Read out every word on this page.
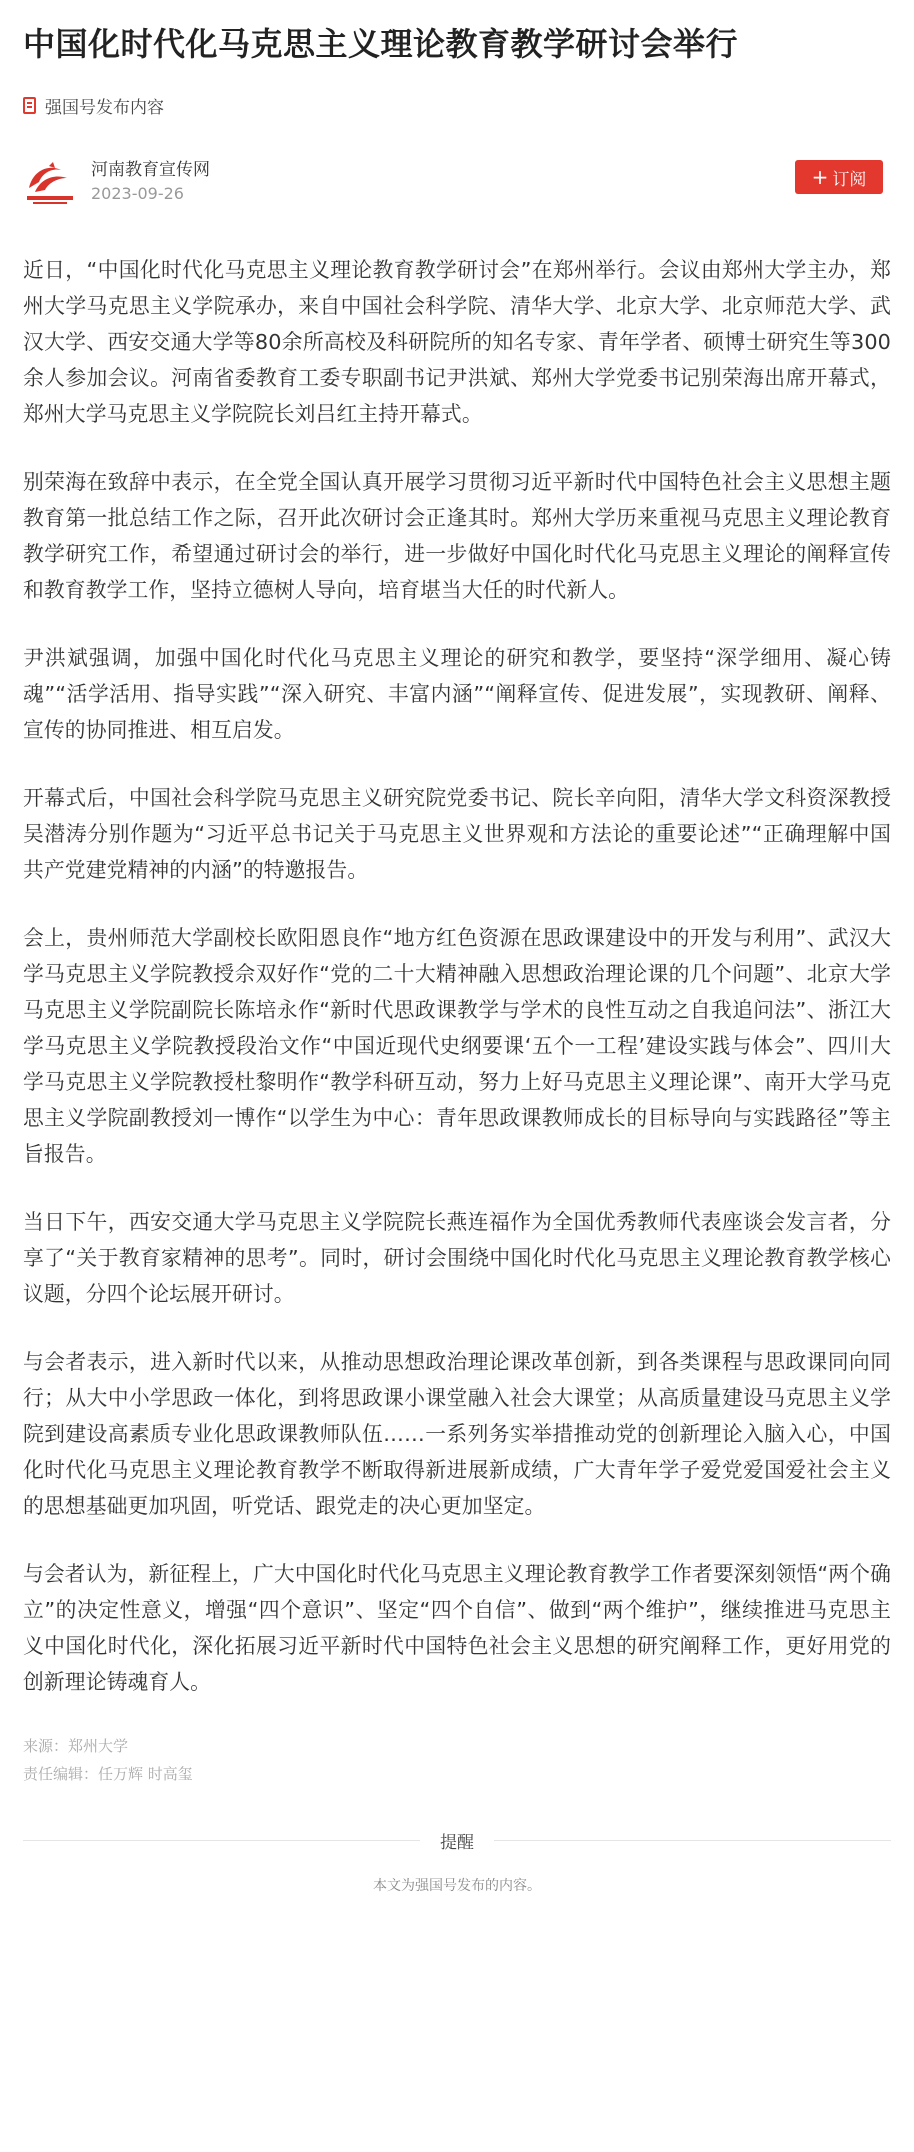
中国化时代化马克思主义理论教育教学研讨会举行
强国号发布内容
河南教育宣传网
2023-09-26
+ 订阅

近日，“中国化时代化马克思主义理论教育教学研讨会”在郑州举行。会议由郑州大学主办，郑州大学马克思主义学院承办，来自中国社会科学院、清华大学、北京大学、北京师范大学、武汉大学、西安交通大学等80余所高校及科研院所的知名专家、青年学者、硕博士研究生等300余人参加会议。河南省委教育工委专职副书记尹洪斌、郑州大学党委书记别荣海出席开幕式，郑州大学马克思主义学院院长刘吕红主持开幕式。

别荣海在致辞中表示，在全党全国认真开展学习贯彻习近平新时代中国特色社会主义思想主题教育第一批总结工作之际，召开此次研讨会正逢其时。郑州大学历来重视马克思主义理论教育教学研究工作，希望通过研讨会的举行，进一步做好中国化时代化马克思主义理论的阐释宣传和教育教学工作，坚持立德树人导向，培育堪当大任的时代新人。

尹洪斌强调，加强中国化时代化马克思主义理论的研究和教学，要坚持“深学细用、凝心铸魂”“活学活用、指导实践”“深入研究、丰富内涵”“阐释宣传、促进发展”，实现教研、阐释、宣传的协同推进、相互启发。

开幕式后，中国社会科学院马克思主义研究院党委书记、院长辛向阳，清华大学文科资深教授吴潜涛分别作题为“习近平总书记关于马克思主义世界观和方法论的重要论述”“正确理解中国共产党建党精神的内涵”的特邀报告。

会上，贵州师范大学副校长欧阳恩良作“地方红色资源在思政课建设中的开发与利用”、武汉大学马克思主义学院教授佘双好作“党的二十大精神融入思想政治理论课的几个问题”、北京大学马克思主义学院副院长陈培永作“新时代思政课教学与学术的良性互动之自我追问法”、浙江大学马克思主义学院教授段治文作“中国近现代史纲要课‘五个一工程’建设实践与体会”、四川大学马克思主义学院教授杜黎明作“教学科研互动，努力上好马克思主义理论课”、南开大学马克思主义学院副教授刘一博作“以学生为中心：青年思政课教师成长的目标导向与实践路径”等主旨报告。

当日下午，西安交通大学马克思主义学院院长燕连福作为全国优秀教师代表座谈会发言者，分享了“关于教育家精神的思考”。同时，研讨会围绕中国化时代化马克思主义理论教育教学核心议题，分四个论坛展开研讨。

与会者表示，进入新时代以来，从推动思想政治理论课改革创新，到各类课程与思政课同向同行；从大中小学思政一体化，到将思政课小课堂融入社会大课堂；从高质量建设马克思主义学院到建设高素质专业化思政课教师队伍……一系列务实举措推动党的创新理论入脑入心，中国化时代化马克思主义理论教育教学不断取得新进展新成绩，广大青年学子爱党爱国爱社会主义的思想基础更加巩固，听党话、跟党走的决心更加坚定。

与会者认为，新征程上，广大中国化时代化马克思主义理论教育教学工作者要深刻领悟“两个确立”的决定性意义，增强“四个意识”、坚定“四个自信”、做到“两个维护”，继续推进马克思主义中国化时代化，深化拓展习近平新时代中国特色社会主义思想的研究阐释工作，更好用党的创新理论铸魂育人。

来源：郑州大学
责任编辑：任万辉 时高玺
提醒
本文为强国号发布的内容。
